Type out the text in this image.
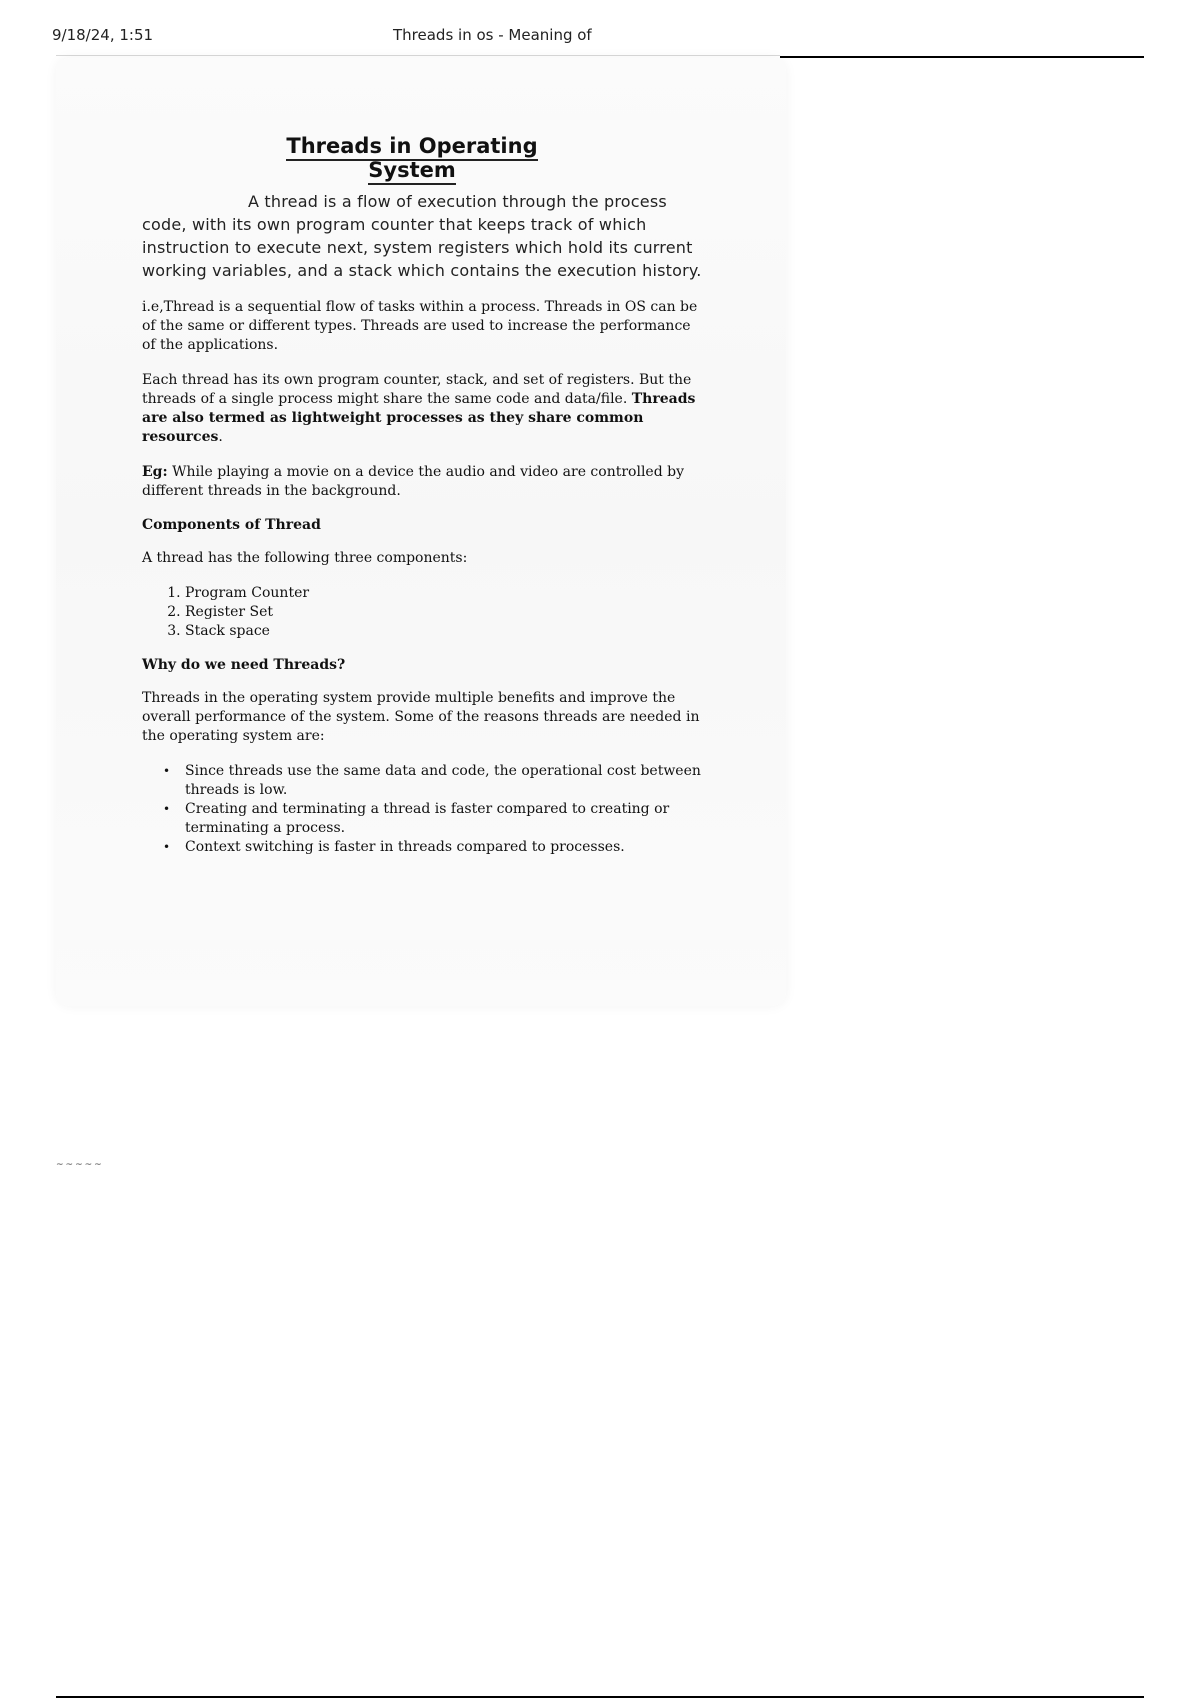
9/18/24, 1:51	Threads in os - Meaning of
Threads in Operating System

A thread is a flow of execution through the process code, with its own program counter that keeps track of which instruction to execute next, system registers which hold its current working variables, and a stack which contains the execution history.

i.e,Thread is a sequential flow of tasks within a process. Threads in OS can be of the same or different types. Threads are used to increase the performance of the applications.

Each thread has its own program counter, stack, and set of registers. But the threads of a single process might share the same code and data/file. Threads are also termed as lightweight processes as they share common resources.

Eg: While playing a movie on a device the audio and video are controlled by different threads in the background.

Components of Thread

A thread has the following three components:

1. Program Counter
2. Register Set
3. Stack space
Why do we need Threads?

Threads in the operating system provide multiple benefits and improve the overall performance of the system. Some of the reasons threads are needed in the operating system are:

• Since threads use the same data and code, the operational cost between threads is low.
• Creating and terminating a thread is faster compared to creating or terminating a process.
• Context switching is faster in threads compared to processes.
~~~~~
